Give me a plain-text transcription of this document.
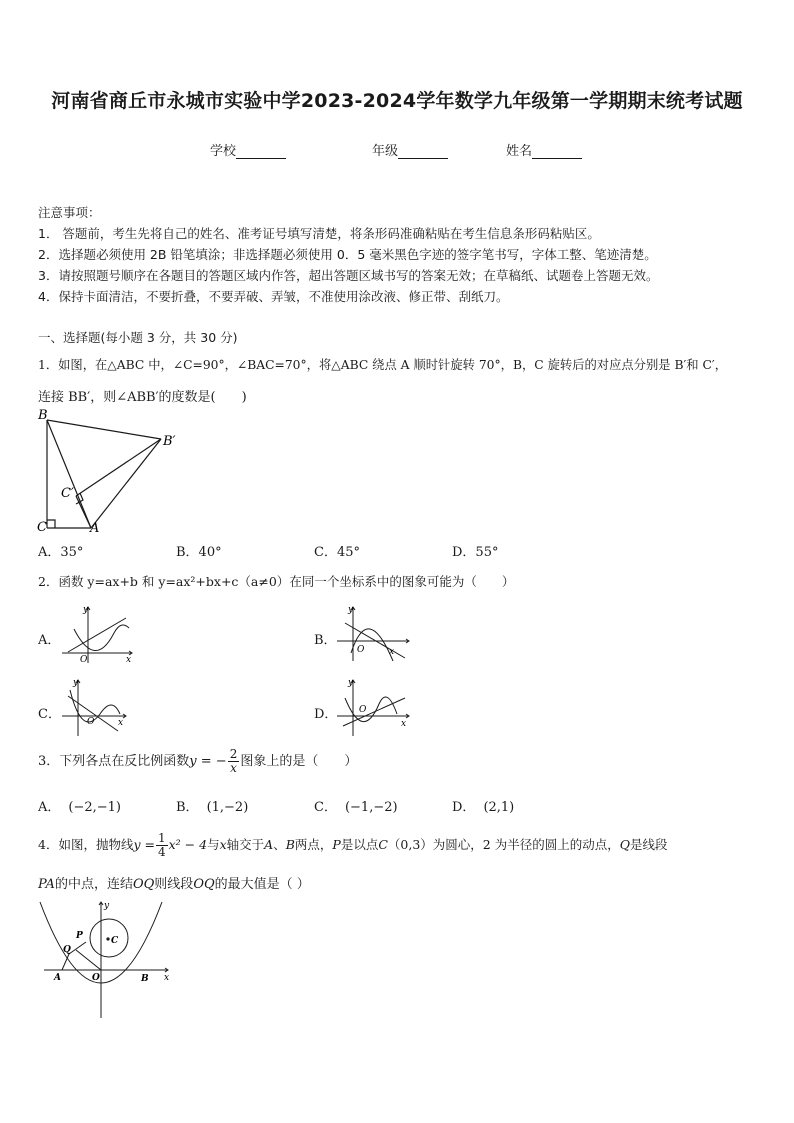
河南省商丘市永城市实验中学2023-2024学年数学九年级第一学期期末统考试题
学校	年级	姓名
注意事项：
1． 答题前，考生先将自己的姓名、准考证号填写清楚，将条形码准确粘贴在考生信息条形码粘贴区。
2．选择题必须使用 2B 铅笔填涂；非选择题必须使用 0．5 毫米黑色字迹的签字笔书写，字体工整、笔迹清楚。
3．请按照题号顺序在各题目的答题区域内作答，超出答题区域书写的答案无效；在草稿纸、试题卷上答题无效。
4．保持卡面清洁，不要折叠，不要弄破、弄皱，不准使用涂改液、修正带、刮纸刀。
一、选择题(每小题 3 分，共 30 分)
1．如图，在△ABC 中，∠C=90°，∠BAC=70°，将△ABC 绕点 A 顺时针旋转 70°，B，C 旋转后的对应点分别是 B′和 C′，
连接 BB′，则∠ABB′的度数是(　　)
B
B′
C′
C	A
A．35°	B．40°	C．45°	D．55°
2．函数 y=ax+b 和 y=ax²+bx+c（a≠0）在同一个坐标系中的图象可能为（　　）
A．
y
O	x
B．
y
O	x
C．
y
O	x
D．
y
O
x
3．下列各点在反比例函数y = − $\frac{2}{x}$ 图象上的是（　　）
A． (−2,−1)	B． (1,−2)	C． (−1,−2)	D． (2,1)
4．如图，抛物线$y = \frac{1}{4} x^2 - 4$与x轴交于A、B两点，P是以点C（0,3）为圆心，2 为半径的圆上的动点，Q是线段
PA的中点，连结OQ则线段OQ的最大值是（ ）
y
P	C
Q
A	O	B x
